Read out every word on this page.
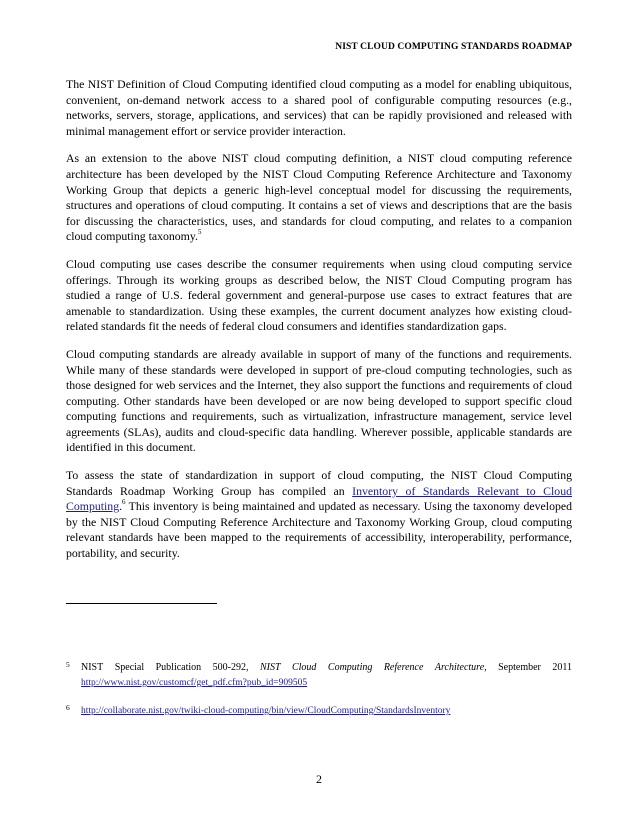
NIST CLOUD COMPUTING STANDARDS ROADMAP

The NIST Definition of Cloud Computing identified cloud computing as a model for enabling ubiquitous, convenient, on-demand network access to a shared pool of configurable computing resources (e.g., networks, servers, storage, applications, and services) that can be rapidly provisioned and released with minimal management effort or service provider interaction.

As an extension to the above NIST cloud computing definition, a NIST cloud computing reference architecture has been developed by the NIST Cloud Computing Reference Architecture and Taxonomy Working Group that depicts a generic high-level conceptual model for discussing the requirements, structures and operations of cloud computing. It contains a set of views and descriptions that are the basis for discussing the characteristics, uses, and standards for cloud computing, and relates to a companion cloud computing taxonomy.$^5$

Cloud computing use cases describe the consumer requirements when using cloud computing service offerings. Through its working groups as described below, the NIST Cloud Computing program has studied a range of U.S. federal government and general-purpose use cases to extract features that are amenable to standardization. Using these examples, the current document analyzes how existing cloud-related standards fit the needs of federal cloud consumers and identifies standardization gaps.

Cloud computing standards are already available in support of many of the functions and requirements. While many of these standards were developed in support of pre-cloud computing technologies, such as those designed for web services and the Internet, they also support the functions and requirements of cloud computing. Other standards have been developed or are now being developed to support specific cloud computing functions and requirements, such as virtualization, infrastructure management, service level agreements (SLAs), audits and cloud-specific data handling. Wherever possible, applicable standards are identified in this document.

To assess the state of standardization in support of cloud computing, the NIST Cloud Computing Standards Roadmap Working Group has compiled an Inventory of Standards Relevant to Cloud Computing.$^6$ This inventory is being maintained and updated as necessary. Using the taxonomy developed by the NIST Cloud Computing Reference Architecture and Taxonomy Working Group, cloud computing relevant standards have been mapped to the requirements of accessibility, interoperability, performance, portability, and security.

5 NIST Special Publication 500-292, NIST Cloud Computing Reference Architecture, September 2011
http://www.nist.gov/customcf/get_pdf.cfm?pub_id=909505
6 http://collaborate.nist.gov/twiki-cloud-computing/bin/view/CloudComputing/StandardsInventory
2
